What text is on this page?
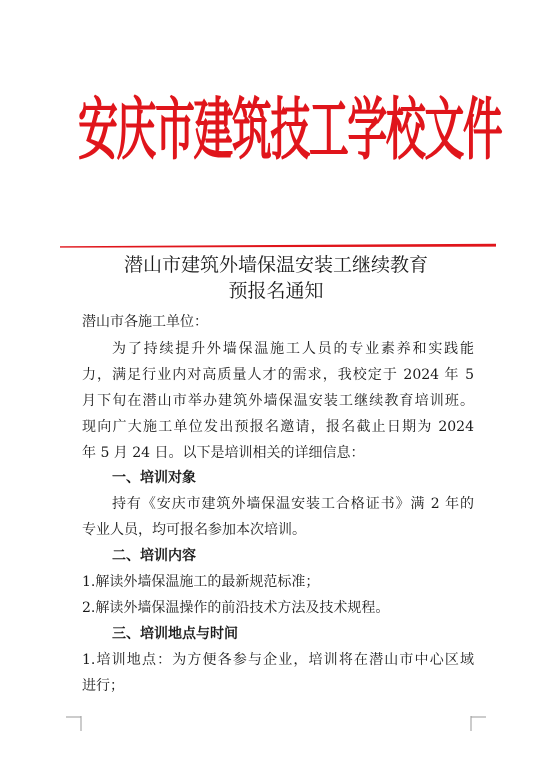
安庆市建筑技工学校文件
潜山市建筑外墙保温安装工继续教育
预报名通知
潜山市各施工单位：
为了持续提升外墙保温施工人员的专业素养和实践能
力，满足行业内对高质量人才的需求，我校定于 2024 年 5
月下旬在潜山市举办建筑外墙保温安装工继续教育培训班。
现向广大施工单位发出预报名邀请，报名截止日期为 2024
年 5 月 24 日。以下是培训相关的详细信息：
一、培训对象
持有《安庆市建筑外墙保温安装工合格证书》满 2 年的
专业人员，均可报名参加本次培训。
二、培训内容
1.解读外墙保温施工的最新规范标准；
2.解读外墙保温操作的前沿技术方法及技术规程。
三、培训地点与时间
1.培训地点：为方便各参与企业，培训将在潜山市中心区域
进行；
